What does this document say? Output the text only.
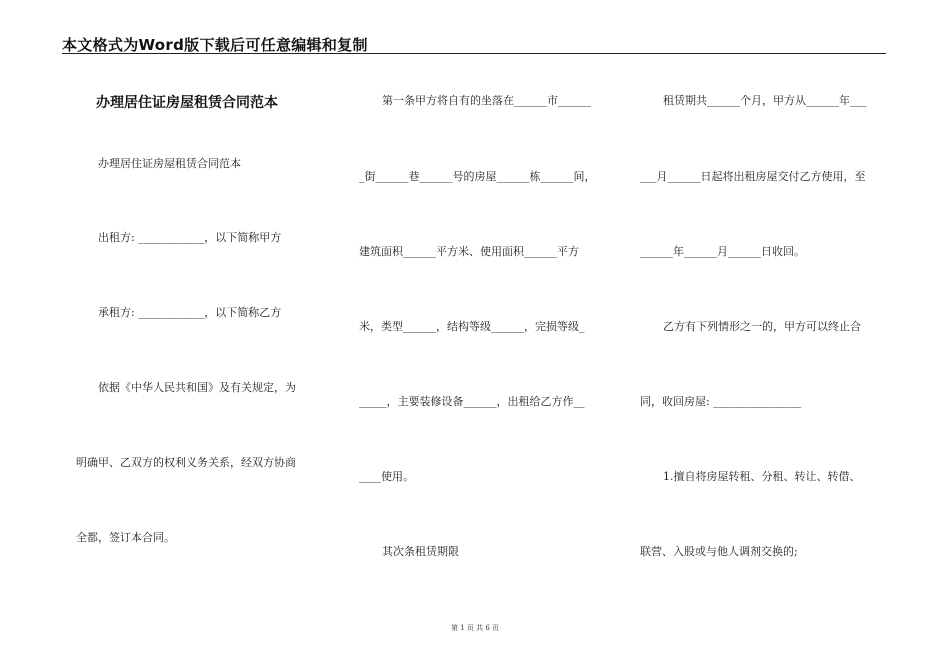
本文格式为Word版下载后可任意编辑和复制
办理居住证房屋租赁合同范本
办理居住证房屋租赁合同范本
出租方: ____________，以下简称甲方
承租方: ____________，以下简称乙方
依据《中华人民共和国》及有关规定，为
明确甲、乙双方的权利义务关系，经双方协商
全都，签订本合同。
第一条甲方将自有的坐落在______市______
_街______巷______号的房屋______栋______间，
建筑面积______平方米、使用面积______平方
米，类型______，结构等级______，完损等级_
_____，主要装修设备______，出租给乙方作__
____使用。
其次条租赁期限
租赁期共______个月，甲方从______年___
___月______日起将出租房屋交付乙方使用，至
______年______月______日收回。
乙方有下列情形之一的，甲方可以终止合
同，收回房屋: ________________
1.擅自将房屋转租、分租、转让、转借、
联营、入股或与他人调剂交换的;
第 1 页 共 6 页
